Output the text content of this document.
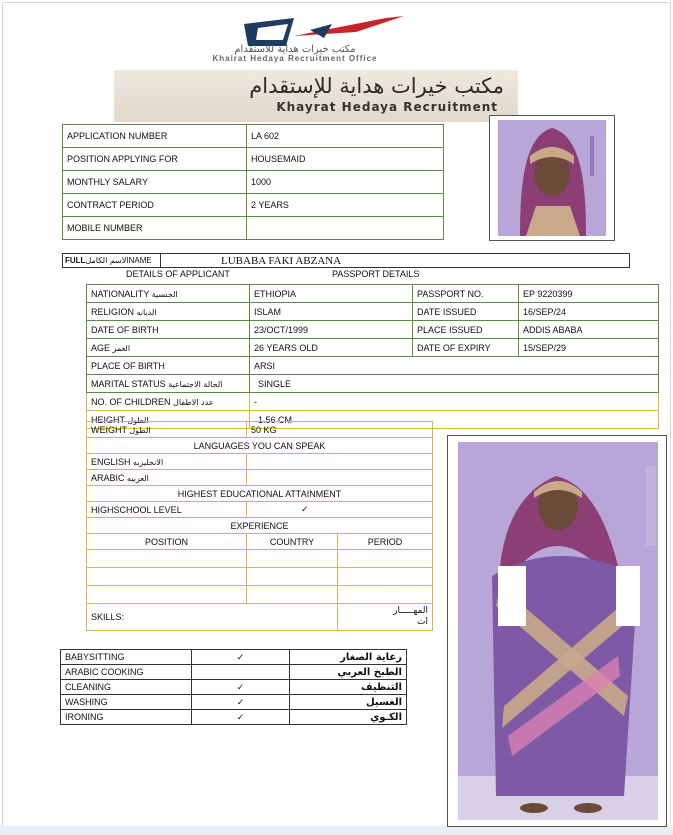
مكتب خيرات هداية للاستقدام
Khairat Hedaya Recruitment Office
مكتب خيرات هداية للإستقدام
Khayrat Hedaya Recruitment
APPLICATION NUMBER	LA 602
POSITION APPLYING FOR	HOUSEMAID
MONTHLY SALARY	1000
CONTRACT PERIOD	2 YEARS
MOBILE NUMBER	
FULLالاسم الكاملNAME	LUBABA FAKI ABZANA
DETAILS OF APPLICANT	PASSPORT DETAILS
NATIONALITY الجنسية	ETHIOPIA	PASSPORT NO.	EP 9220399
RELIGION الديانه	ISLAM	DATE ISSUED	16/SEP/24
DATE OF BIRTH	23/OCT/1999	PLACE ISSUED	ADDIS ABABA
AGE العمر	26 YEARS OLD	DATE OF EXPIRY	15/SEP/29
PLACE OF BIRTH	ARSI		
MARITAL STATUS الحالة الاجتماعية	SINGLE		
NO. OF CHILDREN عدد الاطفال	-		
HEIGHT الطول	1.56 CM		
WEIGHT الطول	50 KG	
LANGUAGES YOU CAN SPEAK		
ENGLISH الانجليزيه		
ARABIC العربيه		
HIGHEST EDUCATIONAL ATTAINMENT		
HIGHSCHOOL LEVEL	✓	
EXPERIENCE		
POSITION	COUNTRY	PERIOD

SKILLS:		المهـــــار
ات
BABYSITTING	✓	رعاية الصغار
ARABIC COOKING		الطبخ العربي
CLEANING	✓	التنظيف
WASHING	✓	الغسيل
IRONING	✓	الكـوي
